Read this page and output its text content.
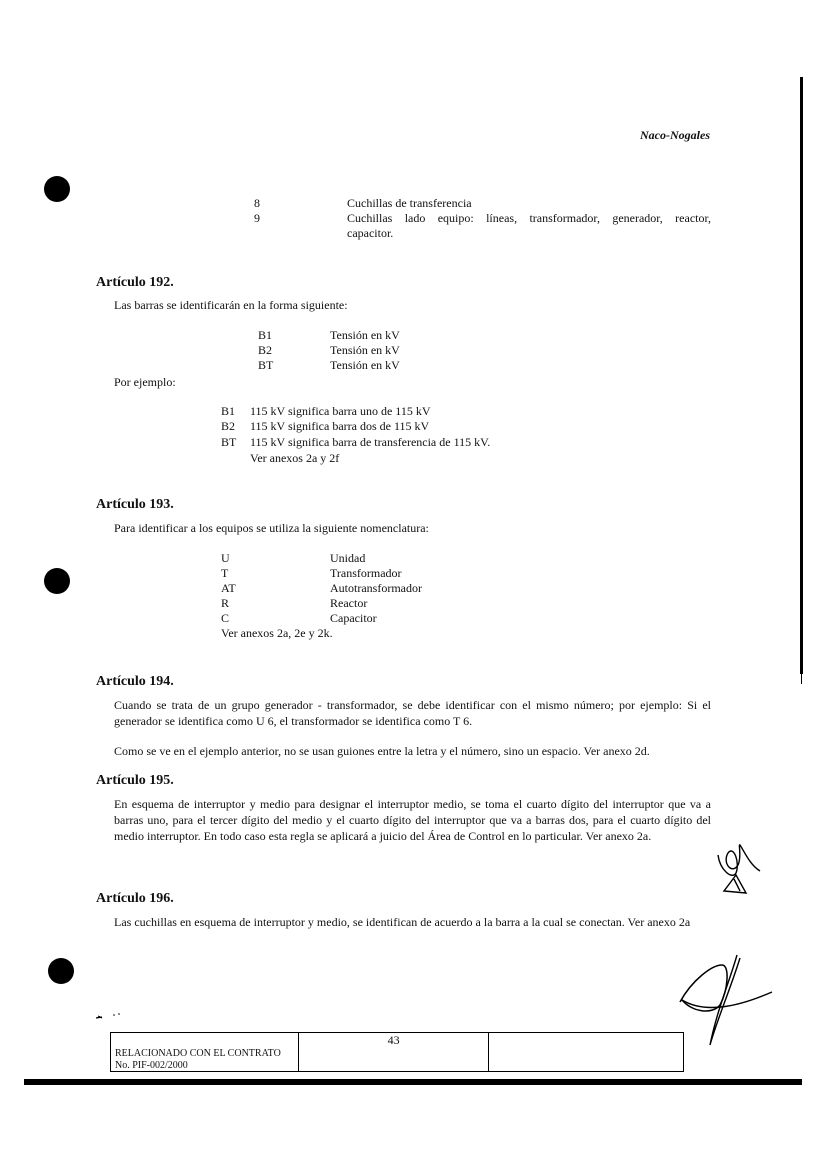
Naco-Nogales
8	Cuchillas de transferencia
9	Cuchillas lado equipo: líneas, transformador, generador, reactor,
capacitor.
Artículo 192.
Las barras se identificarán en la forma siguiente:
B1	Tensión en kV
B2	Tensión en kV
BT	Tensión en kV
Por ejemplo:
B1 115 kV significa barra uno de 115 kV
B2 115 kV significa barra dos de 115 kV
BT 115 kV significa barra de transferencia de 115 kV.
Ver anexos 2a y 2f
Artículo 193.
Para identificar a los equipos se utiliza la siguiente nomenclatura:
U	Unidad
T	Transformador
AT	Autotransformador
R	Reactor
C	Capacitor
Ver anexos 2a, 2e y 2k.
Artículo 194.
Cuando se trata de un grupo generador - transformador, se debe identificar con el mismo número; por ejemplo: Si el generador se identifica como U 6, el transformador se identifica como T 6.
Como se ve en el ejemplo anterior, no se usan guiones entre la letra y el número, sino un espacio. Ver anexo 2d.
Artículo 195.
En esquema de interruptor y medio para designar el interruptor medio, se toma el cuarto dígito del interruptor que va a barras uno, para el tercer dígito del medio y el cuarto dígito del interruptor que va a barras dos, para el cuarto dígito del medio interruptor. En todo caso esta regla se aplicará a juicio del Área de Control en lo particular. Ver anexo 2a.
Artículo 196.
Las cuchillas en esquema de interruptor y medio, se identifican de acuerdo a la barra a la cual se conectan. Ver anexo 2a
RELACIONADO CON EL CONTRATO
No. PIF-002/2000
	43	
